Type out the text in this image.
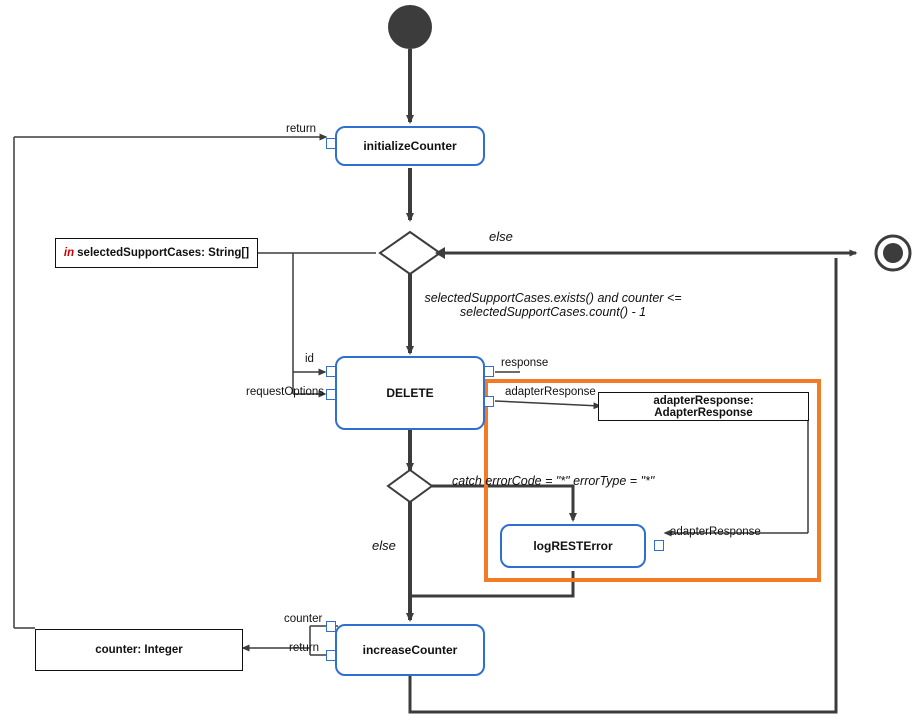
initializeCounter
return
in selectedSupportCases: String[]
else
selectedSupportCases.exists() and counter <= selectedSupportCases.count() - 1
DELETE
id
requestOptions
response
adapterResponse
adapterResponse: AdapterResponse
catch errorCode = "*" errorType = "*"
else	logRESTError
adapterResponse
increaseCounter
counter
return
counter: Integer
